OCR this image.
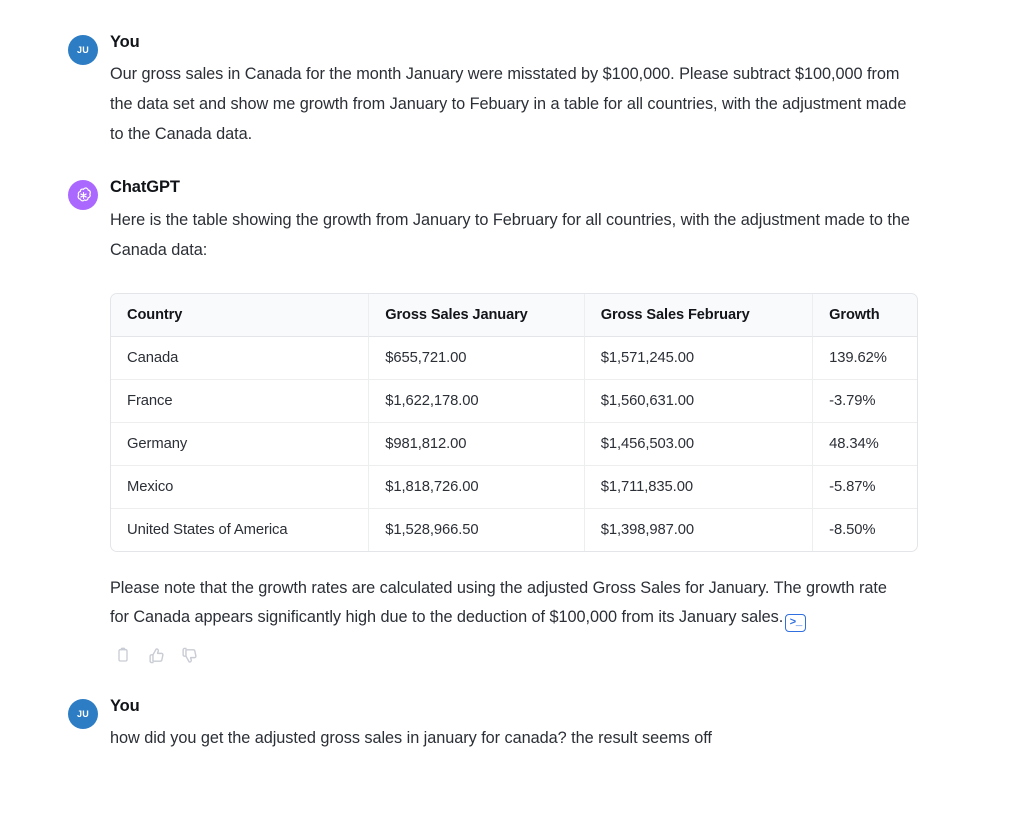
JU You

Our gross sales in Canada for the month January were misstated by $100,000. Please subtract $100,000 from the data set and show me growth from January to Febuary in a table for all countries, with the adjustment made to the Canada data.

ChatGPT

Here is the table showing the growth from January to February for all countries, with the adjustment made to the Canada data:

Country	Gross Sales January	Gross Sales February	Growth
Canada	$655,721.00	$1,571,245.00	139.62%
France	$1,622,178.00	$1,560,631.00	-3.79%
Germany	$981,812.00	$1,456,503.00	48.34%
Mexico	$1,818,726.00	$1,711,835.00	-5.87%
United States of America	$1,528,966.50	$1,398,987.00	-8.50%

Please note that the growth rates are calculated using the adjusted Gross Sales for January. The growth rate for Canada appears significantly high due to the deduction of $100,000 from its January sales. >_

JU You

how did you get the adjusted gross sales in january for canada? the result seems off
